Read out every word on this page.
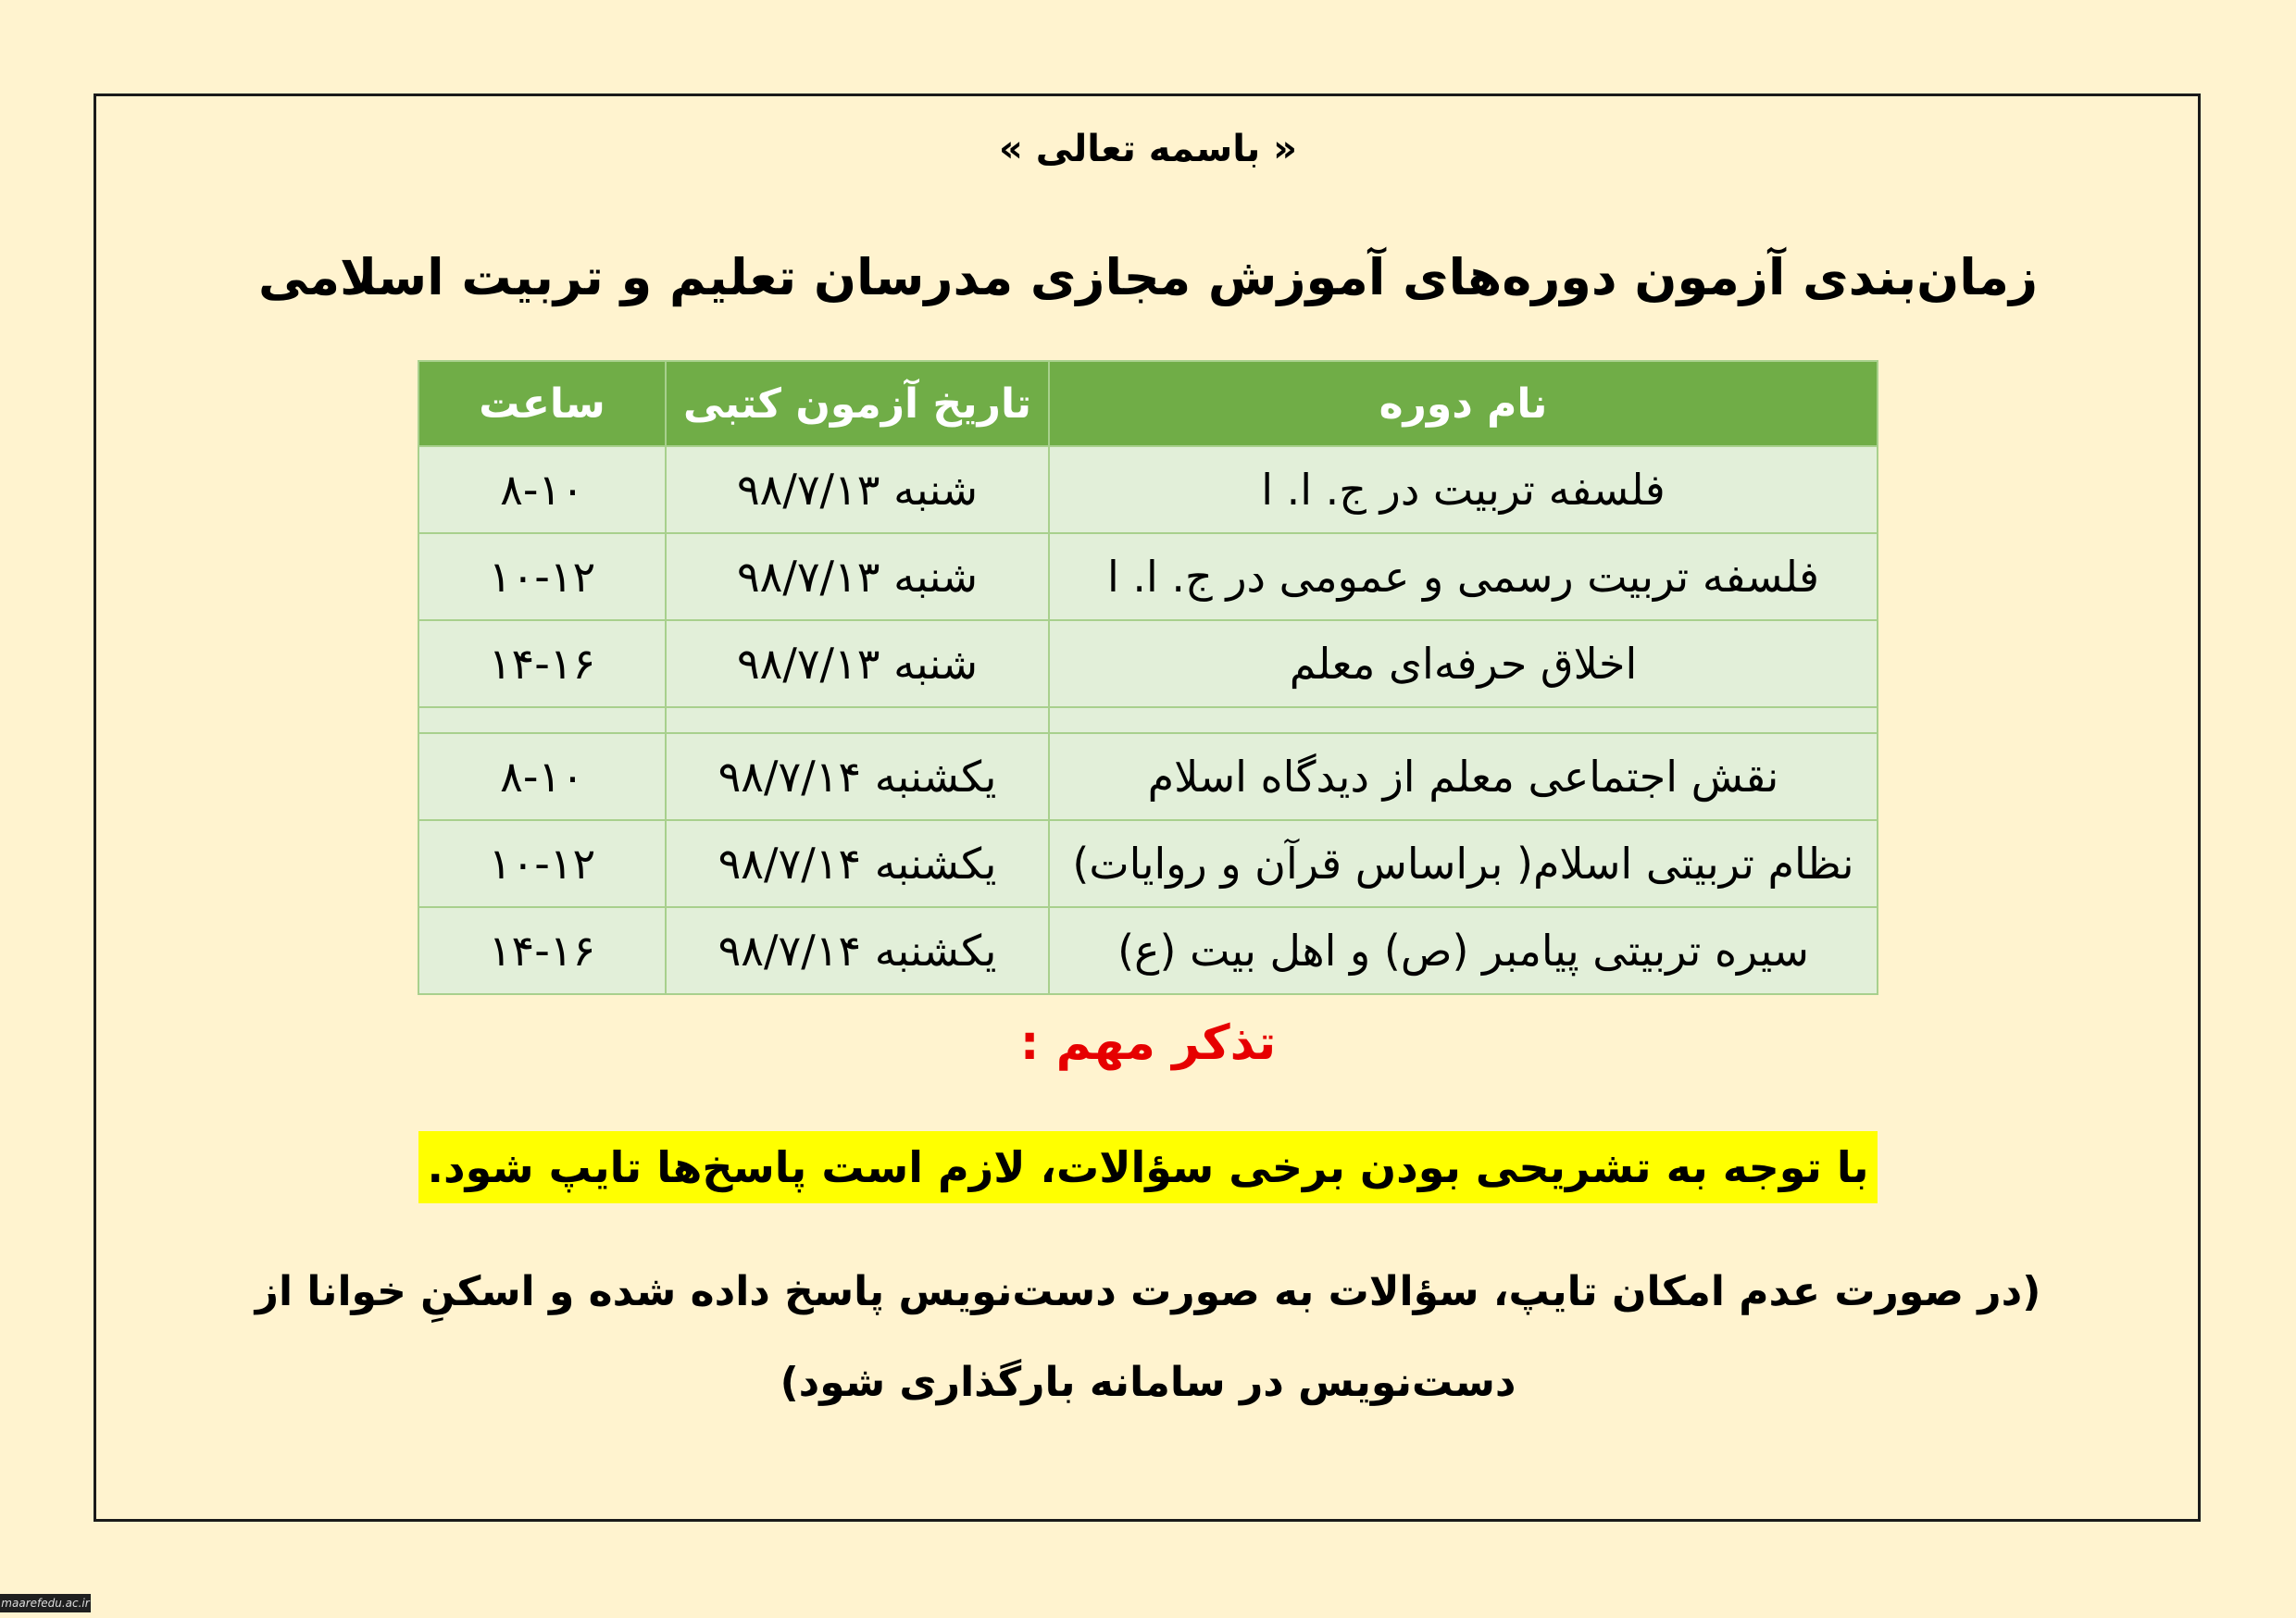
« باسمه تعالی »
زمان‌بندی آزمون دوره‌های آموزش مجازی مدرسان تعلیم و تربیت اسلامی
نام دوره	تاریخ آزمون کتبی	ساعت
فلسفه تربیت در ج. ا. ا	شنبه ۹۸/۷/۱۳	۸-۱۰
فلسفه تربیت رسمی و عمومی در ج. ا. ا	شنبه ۹۸/۷/۱۳	۱۰-۱۲
اخلاق حرفه‌ای معلم	شنبه ۹۸/۷/۱۳	۱۴-۱۶

نقش اجتماعی معلم از دیدگاه اسلام	یکشنبه ۹۸/۷/۱۴	۸-۱۰
نظام تربیتی اسلام( براساس قرآن و روایات)	یکشنبه ۹۸/۷/۱۴	۱۰-۱۲
سیره تربیتی پیامبر (ص) و اهل بیت (ع)	یکشنبه ۹۸/۷/۱۴	۱۴-۱۶
تذکر مهم :
با توجه به تشریحی بودن برخی سؤالات، لازم است پاسخ‌ها تایپ شود.
(در صورت عدم امکان تایپ، سؤالات به صورت دست‌نویس پاسخ داده شده و اسکنِ خوانا از
دست‌نویس در سامانه بارگذاری شود)
maarefedu.ac.ir
